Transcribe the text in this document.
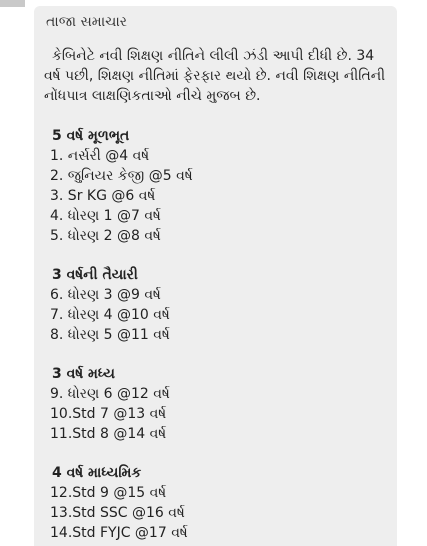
તાજા સમાચાર
કેબિનેટે નવી શિક્ષણ નીતિને લીલી ઝંડી આપી દીધી છે. 34 વર્ષ પછી, શિક્ષણ નીતિમાં ફેરફાર થયો છે. નવી શિક્ષણ નીતિની નોંધપાત્ર લાક્ષણિકતાઓ નીચે મુજબ છે.
5 વર્ષ મૂળભૂત
1. નર્સરી @4 વર્ષ
2. જુનિયર કેજી @5 વર્ષ
3. Sr KG @6 વર્ષ
4. ધોરણ 1 @7 વર્ષ
5. ધોરણ 2 @8 વર્ષ
3 વર્ષની તૈયારી
6. ધોરણ 3 @9 વર્ષ
7. ધોરણ 4 @10 વર્ષ
8. ધોરણ 5 @11 વર્ષ
3 વર્ષ મધ્ય
9. ધોરણ 6 @12 વર્ષ
10.Std 7 @13 વર્ષ
11.Std 8 @14 વર્ષ
4 વર્ષ માધ્યમિક
12.Std 9 @15 વર્ષ
13.Std SSC @16 વર્ષ
14.Std FYJC @17 વર્ષ
